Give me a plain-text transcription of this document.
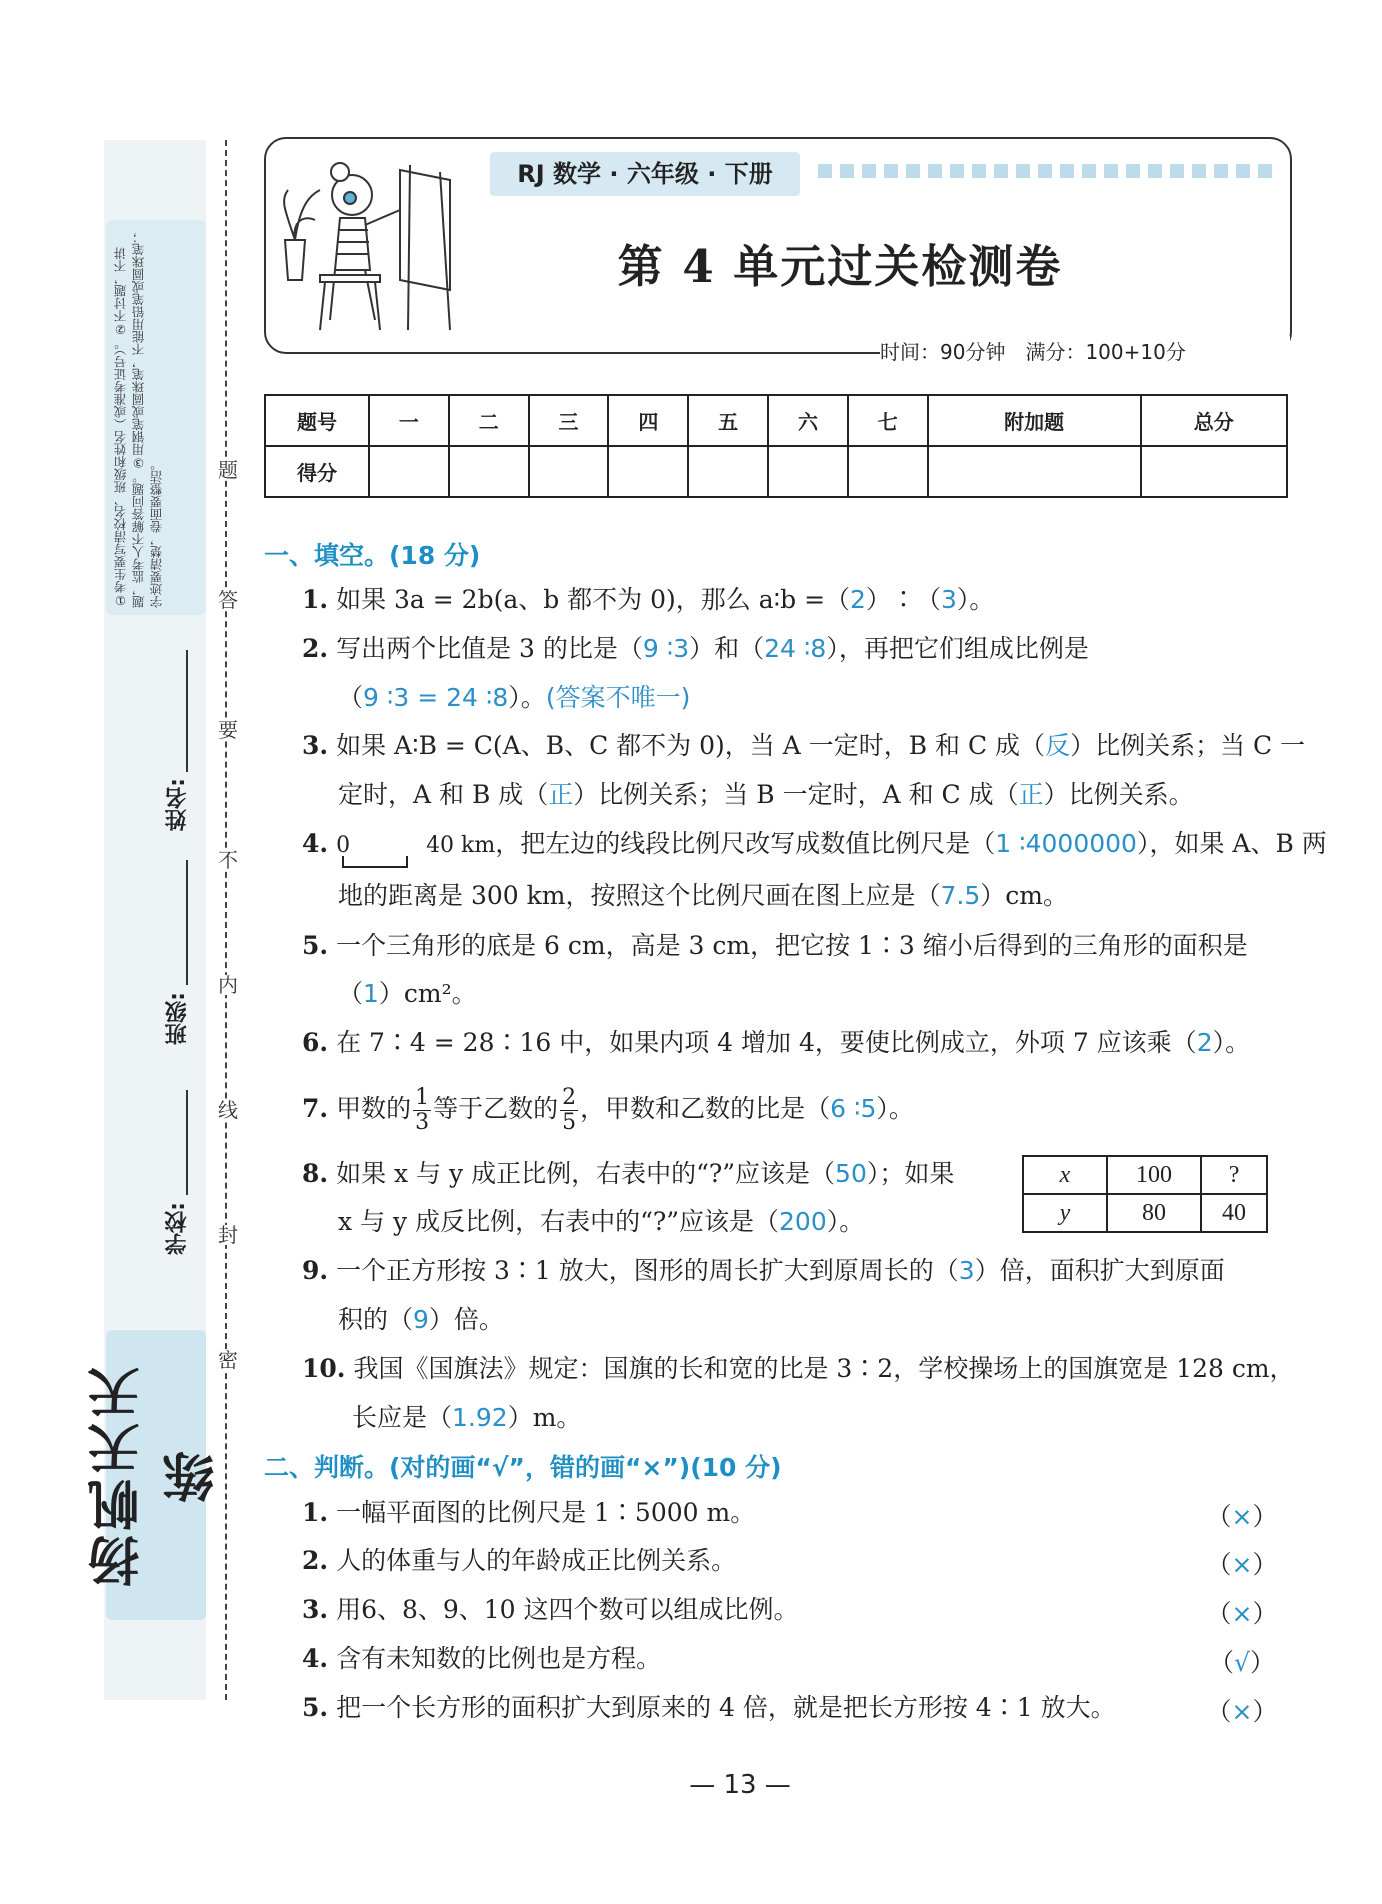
①考生要写清校名、班级和姓名（或准考证号）。②不讨题，不讲题，监考人不解答问题。③用钢笔或圆珠笔，不能用铅笔或圆珠笔；字迹要清楚，卷面要整洁。
学校:
班级:
姓名:
密
封
线
内
不
要
答
题
扬帆天天练
RJ 数学 · 六年级 · 下册
第 4 单元过关检测卷
时间：90分钟　满分：100+10分
题号	一	二	三	四	五	六	七	附加题	总分
得分									
一、填空。(18 分)
1. 如果 3a = 2b(a、b 都不为 0)，那么 a∶b =（2）∶（3）。
2. 写出两个比值是 3 的比是（9 ∶3）和（24 ∶8），再把它们组成比例是
（9 ∶3 = 24 ∶8）。(答案不唯一)
3. 如果 A∶B = C(A、B、C 都不为 0)，当 A 一定时，B 和 C 成（反）比例关系；当 C 一
定时，A 和 B 成（正）比例关系；当 B 一定时，A 和 C 成（正）比例关系。
4. 0	40 km，把左边的线段比例尺改写成数值比例尺是（1 ∶4000000），如果 A、B 两
地的距离是 300 km，按照这个比例尺画在图上应是（7.5）cm。
5. 一个三角形的底是 6 cm，高是 3 cm，把它按 1∶3 缩小后得到的三角形的面积是
（1）cm²。
6. 在 7∶4 = 28∶16 中，如果内项 4 增加 4，要使比例成立，外项 7 应该乘（2）。
7. 甲数的 $\frac{1}{3}$ 等于乙数的 $\frac{2}{5}$ ，甲数和乙数的比是（6 ∶5）。
8. 如果 x 与 y 成正比例，右表中的“?”应该是（50）；如果
x 与 y 成反比例，右表中的“?”应该是（200）。
x	100	?
y	80	40
9. 一个正方形按 3∶1 放大，图形的周长扩大到原周长的（3）倍，面积扩大到原面
积的（9）倍。
10. 我国《国旗法》规定：国旗的长和宽的比是 3∶2，学校操场上的国旗宽是 128 cm，
长应是（1.92）m。
二、判断。(对的画“√”，错的画“×”)(10 分)
1. 一幅平面图的比例尺是 1∶5000 m。	（×）
2. 人的体重与人的年龄成正比例关系。	（×）
3. 用6、8、9、10 这四个数可以组成比例。	（×）
4. 含有未知数的比例也是方程。	（√）
5. 把一个长方形的面积扩大到原来的 4 倍，就是把长方形按 4∶1 放大。	（×）
— 13 —
